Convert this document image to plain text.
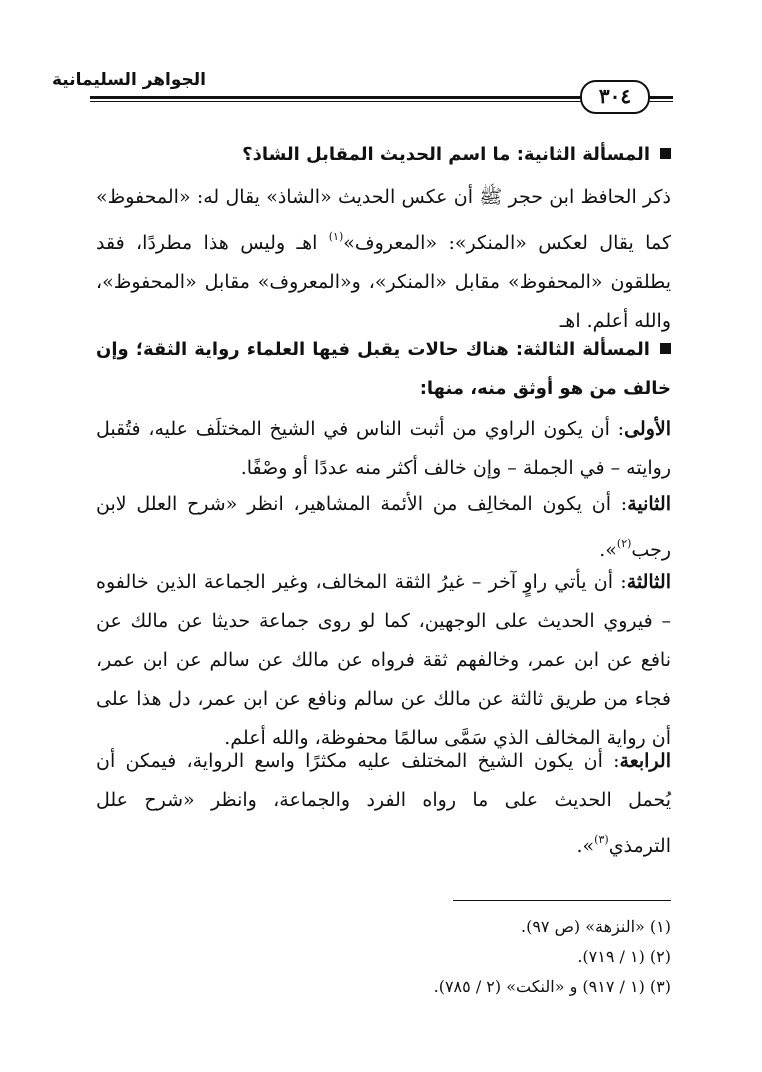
الجواهر السليمانية
٣٠٤
المسألة الثانية: ما اسم الحديث المقابل الشاذ؟
ذكر الحافظ ابن حجر ﷺ أن عكس الحديث «الشاذ» يقال له: «المحفوظ» كما يقال لعكس «المنكر»: «المعروف»$^{(١)}$ اهـ وليس هذا مطردًا، فقد يطلقون «المحفوظ» مقابل «المنكر»، و«المعروف» مقابل «المحفوظ»، والله أعلم. اهـ
المسألة الثالثة: هناك حالات يقبل فيها العلماء رواية الثقة؛ وإن خالف من هو أوثق منه، منها:
الأولى: أن يكون الراوي من أثبت الناس في الشيخ المختلَف عليه، فتُقبل روايته – في الجملة – وإن خالف أكثر منه عددًا أو وصْفًا.
الثانية: أن يكون المخالِف من الأئمة المشاهير، انظر «شرح العلل لابن رجب$^{(٢)}$».
الثالثة: أن يأتي راوٍ آخر – غيرُ الثقة المخالف، وغير الجماعة الذين خالفوه – فيروي الحديث على الوجهين، كما لو روى جماعة حديثا عن مالك عن نافع عن ابن عمر، وخالفهم ثقة فرواه عن مالك عن سالم عن ابن عمر، فجاء من طريق ثالثة عن مالك عن سالم ونافع عن ابن عمر، دل هذا على أن رواية المخالف الذي سَمَّى سالمًا محفوظة، والله أعلم.
الرابعة: أن يكون الشيخ المختلف عليه مكثرًا واسع الرواية، فيمكن أن يُحمل الحديث على ما رواه الفرد والجماعة، وانظر «شرح علل الترمذي$^{(٣)}$».
(١) «النزهة» (ص ٩٧).
(٢) (١ / ٧١٩).
(٣) (١ / ٩١٧) و «النكت» (٢ / ٧٨٥).
